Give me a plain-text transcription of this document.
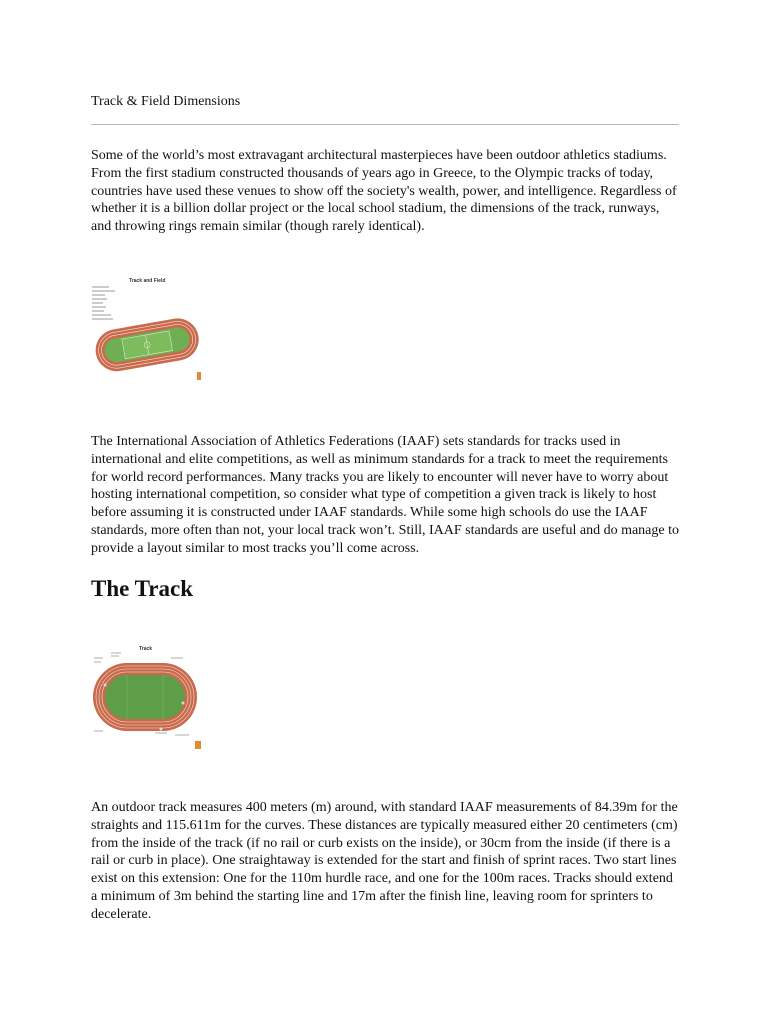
Track & Field Dimensions

Some of the world’s most extravagant architectural masterpieces have been outdoor athletics stadiums. From the first stadium constructed thousands of years ago in Greece, to the Olympic tracks of today, countries have used these venues to show off the society's wealth, power, and intelligence. Regardless of whether it is a billion dollar project or the local school stadium, the dimensions of the track, runways, and throwing rings remain similar (though rarely identical).

Track and Field

The International Association of Athletics Federations (IAAF) sets standards for tracks used in international and elite competitions, as well as minimum standards for a track to meet the requirements for world record performances. Many tracks you are likely to encounter will never have to worry about hosting international competition, so consider what type of competition a given track is likely to host before assuming it is constructed under IAAF standards. While some high schools do use the IAAF standards, more often than not, your local track won’t. Still, IAAF standards are useful and do manage to provide a layout similar to most tracks you’ll come across.

The Track
Track

An outdoor track measures 400 meters (m) around, with standard IAAF measurements of 84.39m for the straights and 115.611m for the curves. These distances are typically measured either 20 centimeters (cm) from the inside of the track (if no rail or curb exists on the inside), or 30cm from the inside (if there is a rail or curb in place). One straightaway is extended for the start and finish of sprint races. Two start lines exist on this extension: One for the 110m hurdle race, and one for the 100m races. Tracks should extend a minimum of 3m behind the starting line and 17m after the finish line, leaving room for sprinters to decelerate.
